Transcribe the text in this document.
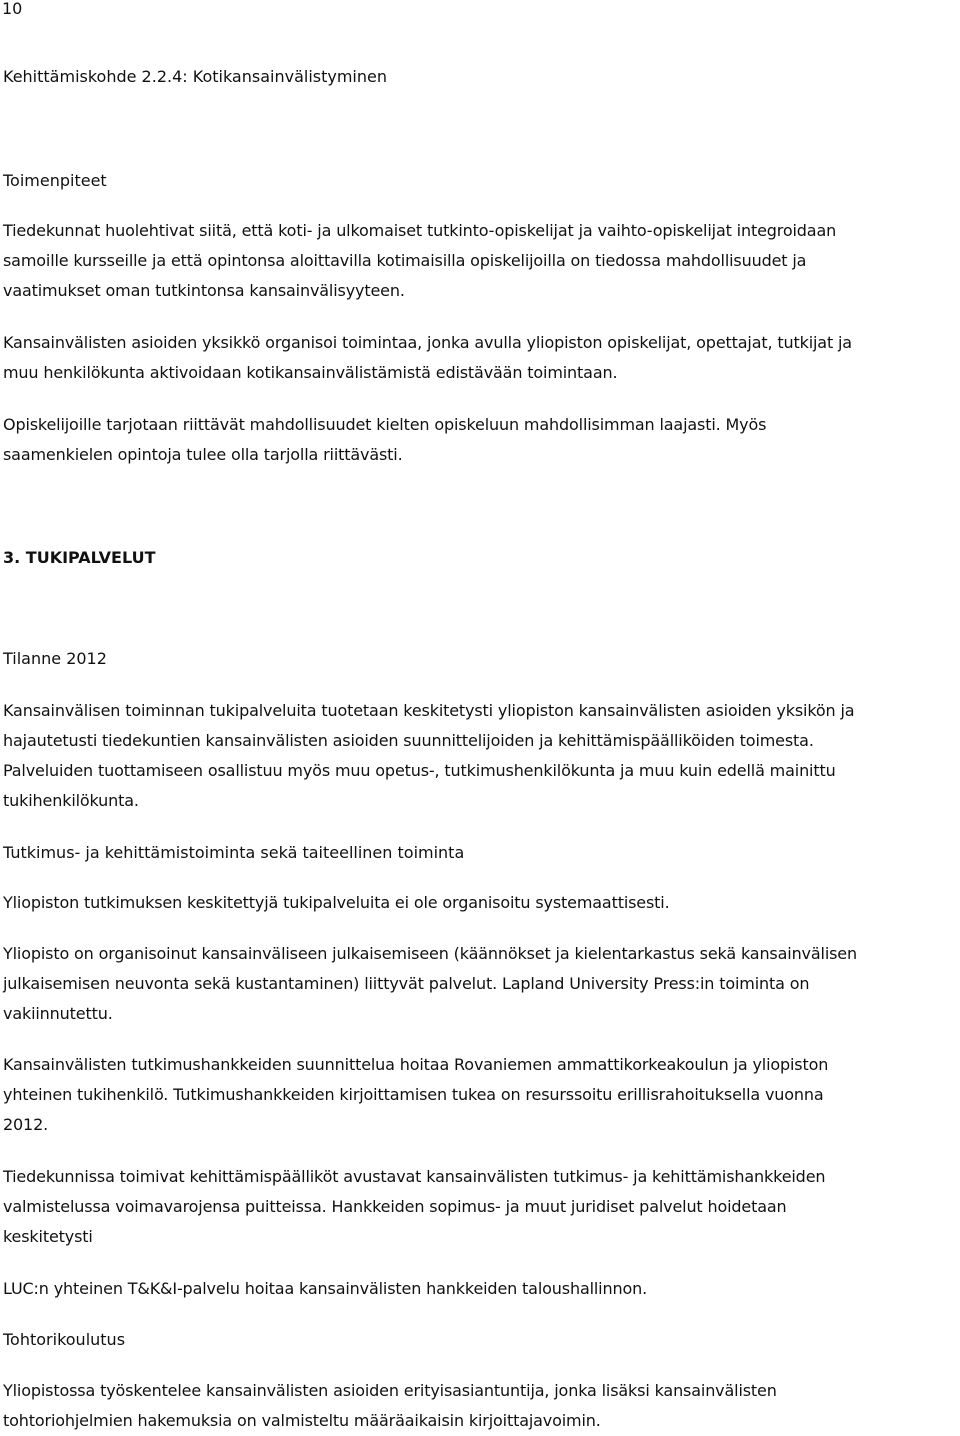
10
Kehittämiskohde 2.2.4: Kotikansainvälistyminen
Toimenpiteet
Tiedekunnat huolehtivat siitä, että koti- ja ulkomaiset tutkinto-opiskelijat ja vaihto-opiskelijat integroidaan
samoille kursseille ja että opintonsa aloittavilla kotimaisilla opiskelijoilla on tiedossa mahdollisuudet ja
vaatimukset oman tutkintonsa kansainvälisyyteen.
Kansainvälisten asioiden yksikkö organisoi toimintaa, jonka avulla yliopiston opiskelijat, opettajat, tutkijat ja
muu henkilökunta aktivoidaan kotikansainvälistämistä edistävään toimintaan.
Opiskelijoille tarjotaan riittävät mahdollisuudet kielten opiskeluun mahdollisimman laajasti. Myös
saamenkielen opintoja tulee olla tarjolla riittävästi.
3. TUKIPALVELUT
Tilanne 2012
Kansainvälisen toiminnan tukipalveluita tuotetaan keskitetysti yliopiston kansainvälisten asioiden yksikön ja
hajautetusti tiedekuntien kansainvälisten asioiden suunnittelijoiden ja kehittämispäälliköiden toimesta.
Palveluiden tuottamiseen osallistuu myös muu opetus-, tutkimushenkilökunta ja muu kuin edellä mainittu
tukihenkilökunta.
Tutkimus- ja kehittämistoiminta sekä taiteellinen toiminta
Yliopiston tutkimuksen keskitettyjä tukipalveluita ei ole organisoitu systemaattisesti.
Yliopisto on organisoinut kansainväliseen julkaisemiseen (käännökset ja kielentarkastus sekä kansainvälisen
julkaisemisen neuvonta sekä kustantaminen) liittyvät palvelut. Lapland University Press:in toiminta on
vakiinnutettu.
Kansainvälisten tutkimushankkeiden suunnittelua hoitaa Rovaniemen ammattikorkeakoulun ja yliopiston
yhteinen tukihenkilö. Tutkimushankkeiden kirjoittamisen tukea on resurssoitu erillisrahoituksella vuonna
2012.
Tiedekunnissa toimivat kehittämispäälliköt avustavat kansainvälisten tutkimus- ja kehittämishankkeiden
valmistelussa voimavarojensa puitteissa. Hankkeiden sopimus- ja muut juridiset palvelut hoidetaan
keskitetysti
LUC:n yhteinen T&K&I-palvelu hoitaa kansainvälisten hankkeiden taloushallinnon.
Tohtorikoulutus
Yliopistossa työskentelee kansainvälisten asioiden erityisasiantuntija, jonka lisäksi kansainvälisten
tohtoriohjelmien hakemuksia on valmisteltu määräaikaisin kirjoittajavoimin.
